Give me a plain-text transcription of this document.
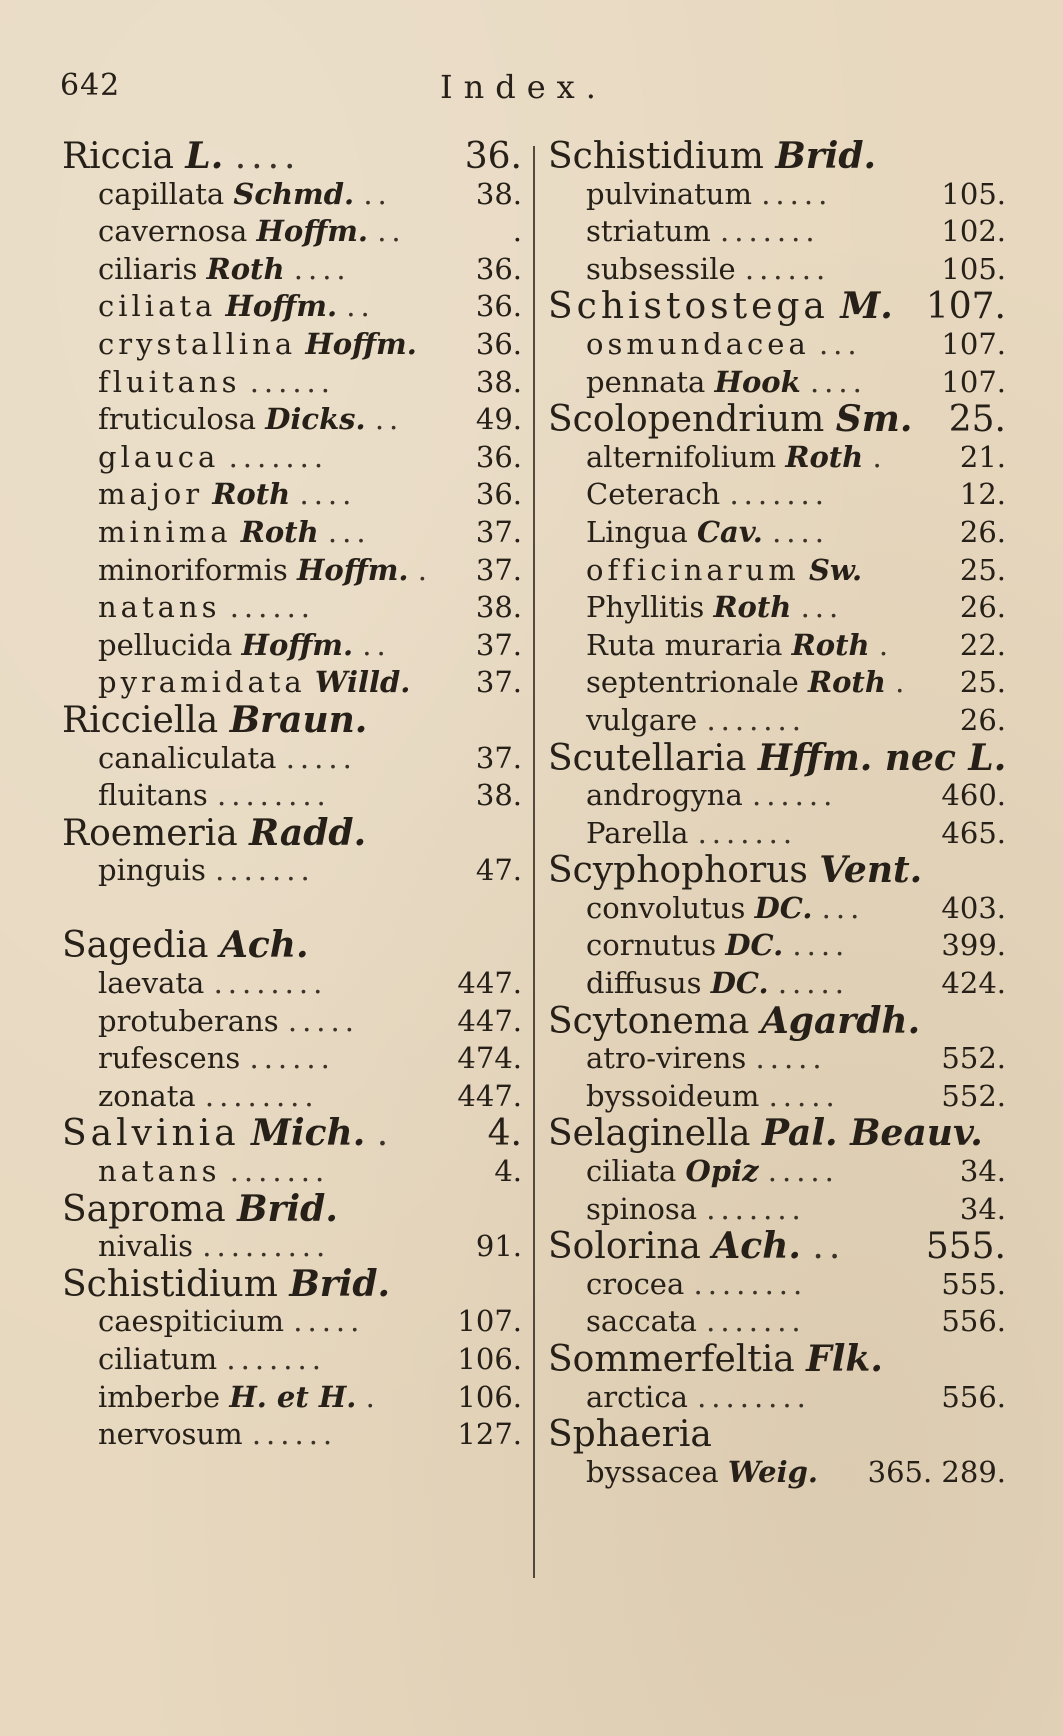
642	Index.
Riccia L. ....	36.
capillata Schmd. ..	38.
cavernosa Hoffm. ..	.
ciliaris Roth ....	36.
ciliata Hoffm. ..	36.
crystallina Hoffm. 36.
fluitans ......	38.
fruticulosa Dicks. ..	49.
glauca .......	36.
major Roth ....	36.
minima Roth ...	37.
minoriformis Hoffm. . 37.
natans ......	38.
pellucida Hoffm. ..	37.
pyramidata Willd. 37.
Ricciella Braun.
canaliculata .....	37.
fluitans ........	38.
Roemeria Radd.
pinguis .......	47.
Sagedia Ach.
laevata ........	447.
protuberans .....	447.
rufescens ......	474.
zonata ........	447.
Salvinia Mich. .	4.
natans .......	4.
Saproma Brid.
nivalis .........	91.
Schistidium Brid.
caespiticium .....	107.
ciliatum .......	106.
imberbe H. et H. .	106.
nervosum ......	127.
Schistidium Brid.
pulvinatum .....	105.
striatum .......	102.
subsessile ......	105.
Schistostega M. 107.
osmundacea ...	107.
pennata Hook ....	107.
Scolopendrium Sm. 25.
alternifolium Roth .	21.
Ceterach .......	12.
Lingua Cav. ....	26.
officinarum Sw.	25.
Phyllitis Roth ...	26.
Ruta muraria Roth . 22.
septentrionale Roth . 25.
vulgare .......	26.
Scutellaria Hffm. nec L.
androgyna ......	460.
Parella .......	465.
Scyphophorus Vent.
convolutus DC. ...	403.
cornutus DC. ....	399.
diffusus DC. .....	424.
Scytonema Agardh.
atro-virens .....	552.
byssoideum .....	552.
Selaginella Pal. Beauv.
ciliata Opiz .....	34.
spinosa .......	34.
Solorina Ach. .. 555.
crocea ........	555.
saccata .......	556.
Sommerfeltia Flk.
arctica ........	556.
Sphaeria
byssacea Weig. 365. 289.
